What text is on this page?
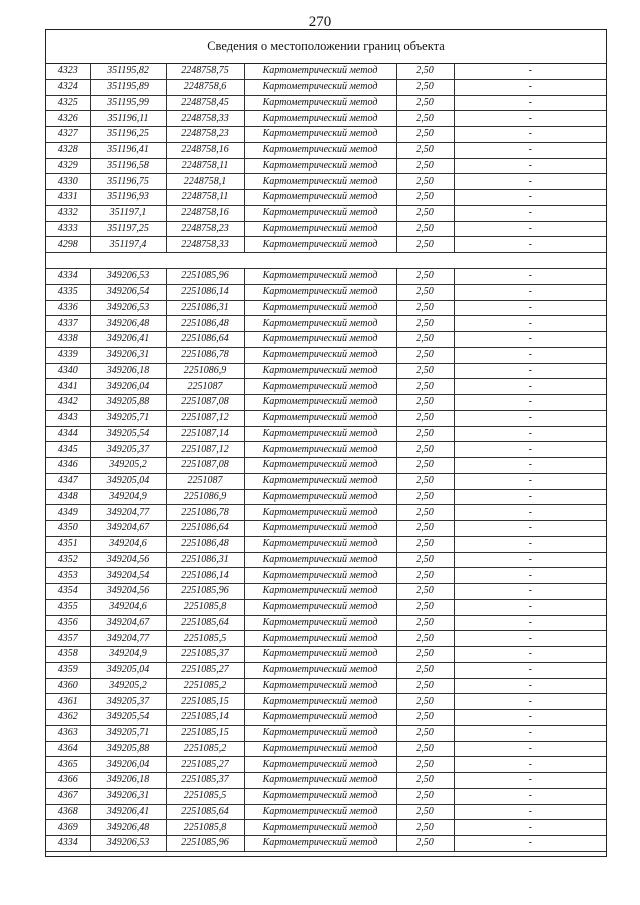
270
Сведения о местоположении границ объекта
4323	351195,82	2248758,75	Картометрический метод	2,50	-
4324	351195,89	2248758,6	Картометрический метод	2,50	-
4325	351195,99	2248758,45	Картометрический метод	2,50	-
4326	351196,11	2248758,33	Картометрический метод	2,50	-
4327	351196,25	2248758,23	Картометрический метод	2,50	-
4328	351196,41	2248758,16	Картометрический метод	2,50	-
4329	351196,58	2248758,11	Картометрический метод	2,50	-
4330	351196,75	2248758,1	Картометрический метод	2,50	-
4331	351196,93	2248758,11	Картометрический метод	2,50	-
4332	351197,1	2248758,16	Картометрический метод	2,50	-
4333	351197,25	2248758,23	Картометрический метод	2,50	-
4298	351197,4	2248758,33	Картометрический метод	2,50	-

4334	349206,53	2251085,96	Картометрический метод	2,50	-
4335	349206,54	2251086,14	Картометрический метод	2,50	-
4336	349206,53	2251086,31	Картометрический метод	2,50	-
4337	349206,48	2251086,48	Картометрический метод	2,50	-
4338	349206,41	2251086,64	Картометрический метод	2,50	-
4339	349206,31	2251086,78	Картометрический метод	2,50	-
4340	349206,18	2251086,9	Картометрический метод	2,50	-
4341	349206,04	2251087	Картометрический метод	2,50	-
4342	349205,88	2251087,08	Картометрический метод	2,50	-
4343	349205,71	2251087,12	Картометрический метод	2,50	-
4344	349205,54	2251087,14	Картометрический метод	2,50	-
4345	349205,37	2251087,12	Картометрический метод	2,50	-
4346	349205,2	2251087,08	Картометрический метод	2,50	-
4347	349205,04	2251087	Картометрический метод	2,50	-
4348	349204,9	2251086,9	Картометрический метод	2,50	-
4349	349204,77	2251086,78	Картометрический метод	2,50	-
4350	349204,67	2251086,64	Картометрический метод	2,50	-
4351	349204,6	2251086,48	Картометрический метод	2,50	-
4352	349204,56	2251086,31	Картометрический метод	2,50	-
4353	349204,54	2251086,14	Картометрический метод	2,50	-
4354	349204,56	2251085,96	Картометрический метод	2,50	-
4355	349204,6	2251085,8	Картометрический метод	2,50	-
4356	349204,67	2251085,64	Картометрический метод	2,50	-
4357	349204,77	2251085,5	Картометрический метод	2,50	-
4358	349204,9	2251085,37	Картометрический метод	2,50	-
4359	349205,04	2251085,27	Картометрический метод	2,50	-
4360	349205,2	2251085,2	Картометрический метод	2,50	-
4361	349205,37	2251085,15	Картометрический метод	2,50	-
4362	349205,54	2251085,14	Картометрический метод	2,50	-
4363	349205,71	2251085,15	Картометрический метод	2,50	-
4364	349205,88	2251085,2	Картометрический метод	2,50	-
4365	349206,04	2251085,27	Картометрический метод	2,50	-
4366	349206,18	2251085,37	Картометрический метод	2,50	-
4367	349206,31	2251085,5	Картометрический метод	2,50	-
4368	349206,41	2251085,64	Картометрический метод	2,50	-
4369	349206,48	2251085,8	Картометрический метод	2,50	-
4334	349206,53	2251085,96	Картометрический метод	2,50	-
